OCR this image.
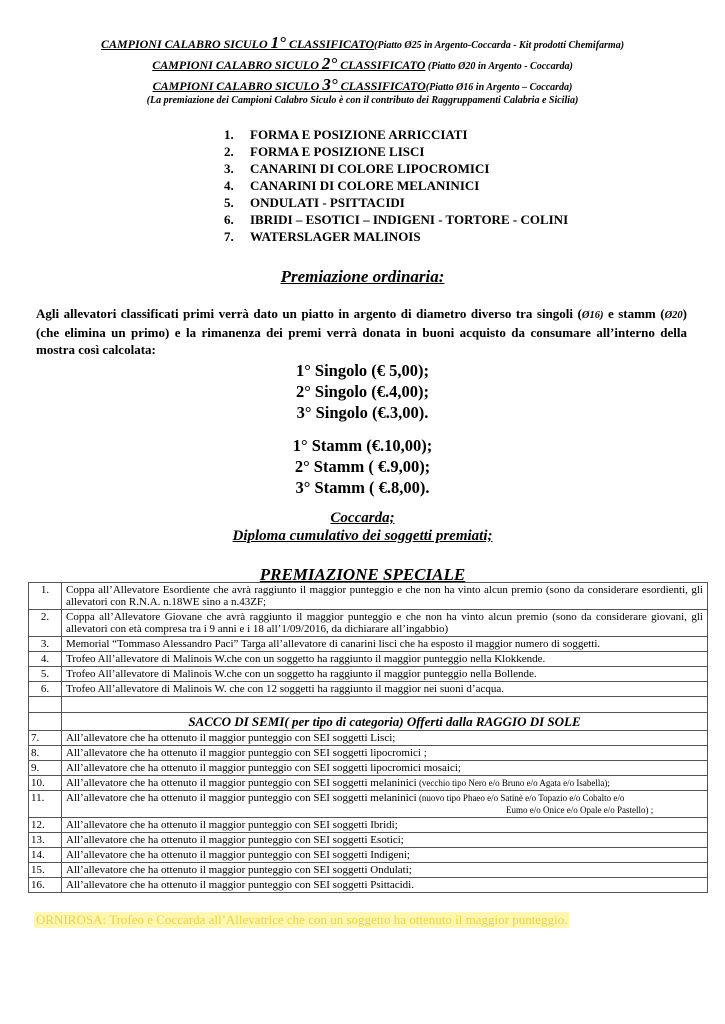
CAMPIONI CALABRO SICULO 1° CLASSIFICATO(Piatto Ø25 in Argento-Coccarda - Kit prodotti Chemifarma)
CAMPIONI CALABRO SICULO 2° CLASSIFICATO (Piatto Ø20 in Argento - Coccarda)
CAMPIONI CALABRO SICULO 3° CLASSIFICATO(Piatto Ø16 in Argento – Coccarda)
(La premiazione dei Campioni Calabro Siculo è con il contributo dei Raggruppamenti Calabria e Sicilia)
1.	FORMA E POSIZIONE ARRICCIATI
2.	FORMA E POSIZIONE LISCI
3.	CANARINI DI COLORE LIPOCROMICI
4.	CANARINI DI COLORE MELANINICI
5.	ONDULATI - PSITTACIDI
6.	IBRIDI – ESOTICI – INDIGENI - TORTORE - COLINI
7.	WATERSLAGER MALINOIS
Premiazione ordinaria:
Agli allevatori classificati primi verrà dato un piatto in argento di diametro diverso tra singoli (Ø16) e stamm (Ø20) (che elimina un primo) e la rimanenza dei premi verrà donata in buoni acquisto da consumare all’interno della mostra così calcolata:
1° Singolo (€ 5,00);
2° Singolo (€.4,00);
3° Singolo (€.3,00).
1° Stamm (€.10,00);
2° Stamm ( €.9,00);
3° Stamm ( €.8,00).
Coccarda;
Diploma cumulativo dei soggetti premiati;
PREMIAZIONE SPECIALE
1.	Coppa all’Allevatore Esordiente che avrà raggiunto il maggior punteggio e che non ha vinto alcun premio (sono da considerare esordienti, gli allevatori con R.N.A. n.18WE sino a n.43ZF;
2.	Coppa all’Allevatore Giovane che avrà raggiunto il maggior punteggio e che non ha vinto alcun premio (sono da considerare giovani, gli allevatori con età compresa tra i 9 anni e i 18 all’1/09/2016, da dichiarare all’ingabbio)
3.	Memorial “Tommaso Alessandro Paci” Targa all’allevatore di canarini lisci che ha esposto il maggior numero di soggetti.
4.	Trofeo All’allevatore di Malinois W.che con un soggetto ha raggiunto il maggior punteggio nella Klokkende.
5.	Trofeo All’allevatore di Malinois W.che con un soggetto ha raggiunto il maggior punteggio nella Bollende.
6.	Trofeo All’allevatore di Malinois W. che con 12 soggetti ha raggiunto il maggior nei suoni d’acqua.

	SACCO DI SEMI( per tipo di categoria) Offerti dalla RAGGIO DI SOLE
7.	All’allevatore che ha ottenuto il maggior punteggio con SEI soggetti Lisci;
8.	All’allevatore che ha ottenuto il maggior punteggio con SEI soggetti lipocromici ;
9.	All’allevatore che ha ottenuto il maggior punteggio con SEI soggetti lipocromici mosaici;
10.	All’allevatore che ha ottenuto il maggior punteggio con SEI soggetti melaninici (vecchio tipo Nero e/o Bruno e/o Agata e/o Isabella);
11.	All’allevatore che ha ottenuto il maggior punteggio con SEI soggetti melaninici (nuovo tipo Phaeo e/o Satinè e/o Topazio e/o Cobalto e/o
Eumo e/o Onice e/o Opale e/o Pastello) ;

12.	All’allevatore che ha ottenuto il maggior punteggio con SEI soggetti Ibridi;
13.	All’allevatore che ha ottenuto il maggior punteggio con SEI soggetti Esotici;
14.	All’allevatore che ha ottenuto il maggior punteggio con SEI soggetti Indigeni;
15.	All’allevatore che ha ottenuto il maggior punteggio con SEI soggetti Ondulati;
16.	All’allevatore che ha ottenuto il maggior punteggio con SEI soggetti Psittacidi.
ORNIROSA: Trofeo e Coccarda all’Allevatrice che con un soggetto ha ottenuto il maggior punteggio.
